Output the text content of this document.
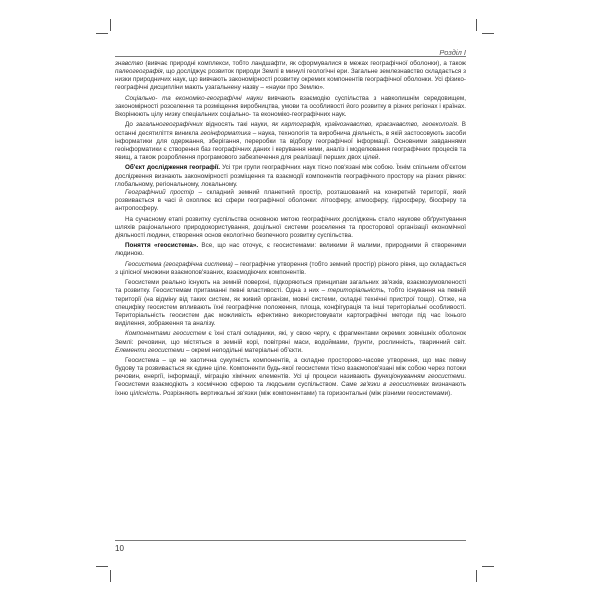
Розділ I

знавство (вивчає природні комплекси, тобто ландшафти, як сформувалися в межах географічної оболонки), а також палеогеографія, що досліджує розвиток природи Землі в минулі геологічні ери. Загальне землезнавство складається з низки природничих наук, що вивчають закономірності розвитку окремих компонентів географічної оболонки. Усі фізико-географічні дисципліни мають узагальнену назву – «науки про Землю».

Соціально- та економіко-географічні науки вивчають взаємодію суспільства з навколишнім середовищем, закономірності розселення та розміщення виробництва, умови та особливості його розвитку в різних регіонах і країнах. Вкорінюють цілу низку спеціальних соціально- та економіко-географічних наук.

До загальногеографічних відносять такі науки, як картографія, країнознавство, краєзнавство, геоекологія. В останні десятиліття виникла геоінформатика – наука, технологія та виробнича діяльність, в якій застосовують засоби інформатики для одержання, зберігання, переробки та відбору географічної інформації. Основними завданнями геоінформатики є створення баз географічних даних і керування ними, аналіз і моделювання географічних процесів та явищ, а також розроблення програмового забезпечення для реалізації перших двох цілей.

Об'єкт дослідження географії. Усі три групи географічних наук тісно пов'язані між собою. Їхнім спільним об'єктом дослідження визнають закономірності розміщення та взаємодії компонентів географічного простору на різних рівнях: глобальному, регіональному, локальному.

Географічний простір – складний земний планетний простір, розташований на конкретній території, який розвивається в часі й охоплює всі сфери географічної оболонки: літосферу, атмосферу, гідросферу, біосферу та антропосферу.

На сучасному етапі розвитку суспільства основною метою географічних досліджень стало наукове обґрунтування шляхів раціонального природокористування, доцільної системи розселення та просторової організації економічної діяльності людини, створення основ екологічно безпечного розвитку суспільства.

Поняття «геосистема». Все, що нас оточує, є геосистемами: великими й малими, природними й створеними людиною.

Геосистема (географічна система) – географічне утворення (тобто земний простір) різного рівня, що складається з цілісної множини взаємопов'язаних, взаємодіючих компонентів.

Геосистеми реально існують на земній поверхні, підкоряються принципам загальних зв'язків, взаємозумовленості та розвитку. Геосистемам притаманні певні властивості. Одна з них – територіальність, тобто існування на певній території (на відміну від таких систем, як живий організм, мовні системи, складні технічні пристрої тощо). Отже, на специфіку геосистем впливають їхні географічне положення, площа, конфігурація та інші територіальні особливості. Територіальність геосистем дає можливість ефективно використовувати картографічні методи під час їхнього виділення, зображення та аналізу.

Компонентами геосистем є їхні сталі складники, які, у свою чергу, є фрагментами окремих зовнішніх оболонок Землі: речовини, що містяться в земній корі, повітряні маси, водоймами, ґрунти, рослинність, тваринний світ. Елементи геосистеми – окремі неподільні матеріальні об'єкти.

Геосистема – це не хаотична сукупність компонентів, а складне просторово-часове утворення, що має певну будову та розвивається як єдине ціле. Компоненти будь-якої геосистеми тісно взаємопов'язані між собою через потоки речовин, енергії, інформації, міграцію хімічних елементів. Усі ці процеси називають функціонуванням геосистеми. Геосистеми взаємодіють з космічною сферою та людським суспільством. Саме зв'язки в геосистемах визначають їхню цілісність. Розрізняють вертикальні зв'язки (між компонентами) та горизонтальні (між різними геосистемами).

10
